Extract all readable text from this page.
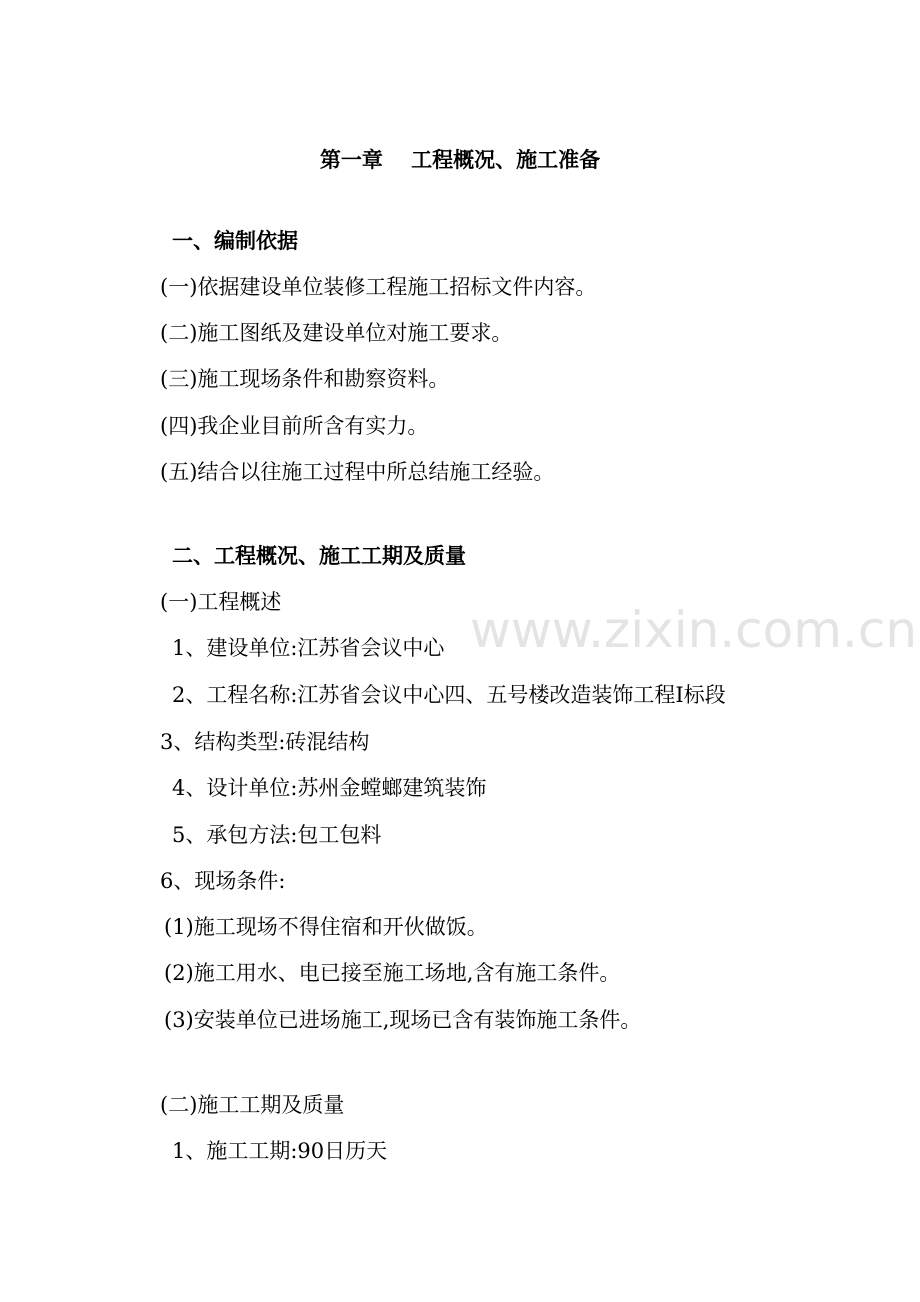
www.zixin.com.cn
第一章　 工程概况、施工准备
一、编制依据
(一)依据建设单位装修工程施工招标文件内容。
(二)施工图纸及建设单位对施工要求。
(三)施工现场条件和勘察资料。
(四)我企业目前所含有实力。
(五)结合以往施工过程中所总结施工经验。
二、工程概况、施工工期及质量
(一)工程概述
1、建设单位:江苏省会议中心
2、工程名称:江苏省会议中心四、五号楼改造装饰工程Ⅰ标段
3、结构类型:砖混结构
4、设计单位:苏州金螳螂建筑装饰
5、承包方法:包工包料
6、现场条件:
(1)施工现场不得住宿和开伙做饭。
(2)施工用水、电已接至施工场地,含有施工条件。
(3)安装单位已进场施工,现场已含有装饰施工条件。
(二)施工工期及质量
1、施工工期:90日历天
